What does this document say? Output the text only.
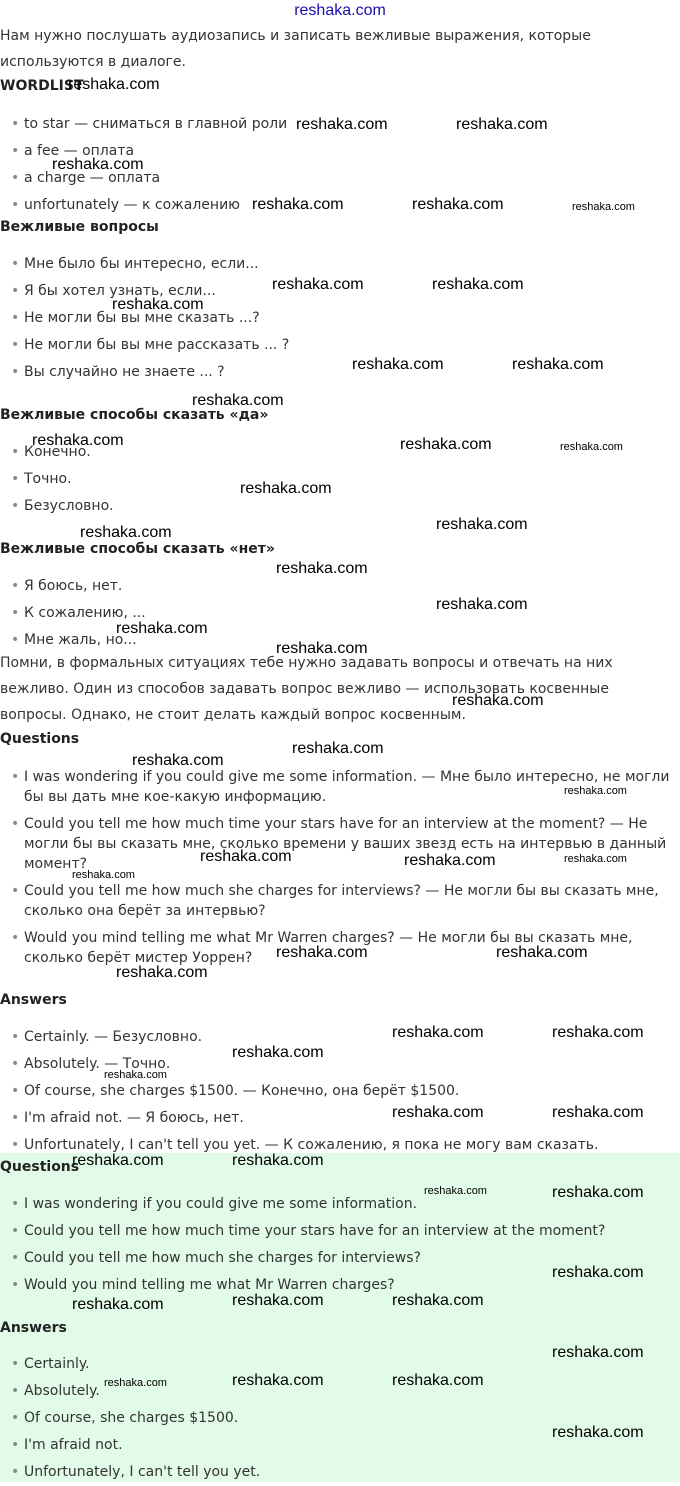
reshaka.com

Нам нужно послушать аудиозапись и записать вежливые выражения, которые используются в диалоге.

WORDLIST

• to star — сниматься в главной роли
• a fee — оплата
• a charge — оплата
• unfortunately — к сожалению

Вежливые вопросы

• Мне было бы интересно, если...
• Я бы хотел узнать, если...
• Не могли бы вы мне сказать ...?
• Не могли бы вы мне рассказать ... ?
• Вы случайно не знаете ... ?

Вежливые способы сказать «да»

• Конечно.
• Точно.
• Безусловно.

Вежливые способы сказать «нет»

• Я боюсь, нет.
• К сожалению, ...
• Мне жаль, но...

Помни, в формальных ситуациях тебе нужно задавать вопросы и отвечать на них вежливо. Один из способов задавать вопрос вежливо — использовать косвенные вопросы. Однако, не стоит делать каждый вопрос косвенным.

Questions

• I was wondering if you could give me some information. — Мне было интересно, не могли бы вы дать мне кое-какую информацию.
• Could you tell me how much time your stars have for an interview at the moment? — Не могли бы вы сказать мне, сколько времени у ваших звезд есть на интервью в данный момент?
• Could you tell me how much she charges for interviews? — Не могли бы вы сказать мне, сколько она берёт за интервью?
• Would you mind telling me what Mr Warren charges? — Не могли бы вы сказать мне, сколько берёт мистер Уоррен?

Answers

• Certainly. — Безусловно.
• Absolutely. — Точно.
• Of course, she charges $1500. — Конечно, она берёт $1500.
• I'm afraid not. — Я боюсь, нет.
• Unfortunately, I can't tell you yet. — К сожалению, я пока не могу вам сказать.

Questions

• I was wondering if you could give me some information.
• Could you tell me how much time your stars have for an interview at the moment?
• Could you tell me how much she charges for interviews?
• Would you mind telling me what Mr Warren charges?

Answers

• Certainly.
• Absolutely.
• Of course, she charges $1500.
• I'm afraid not.
• Unfortunately, I can't tell you yet.
reshaka.com
reshaka.com	reshaka.com
reshaka.com
reshaka.com	reshaka.com	reshaka.com
reshaka.com	reshaka.com
reshaka.com
reshaka.com	reshaka.com
reshaka.com
reshaka.com	reshaka.com	reshaka.com
reshaka.com
reshaka.com
reshaka.com
reshaka.com
reshaka.com
reshaka.com
reshaka.com
reshaka.com
reshaka.com
reshaka.com
reshaka.com
reshaka.com	reshaka.com	reshaka.com
reshaka.com
reshaka.com	reshaka.com
reshaka.com
reshaka.com	reshaka.com
reshaka.com
reshaka.com
reshaka.com	reshaka.com
reshaka.com	reshaka.com
reshaka.com	reshaka.com
reshaka.com
reshaka.com	reshaka.com	reshaka.com
reshaka.com
reshaka.com	reshaka.com	reshaka.com
reshaka.com
